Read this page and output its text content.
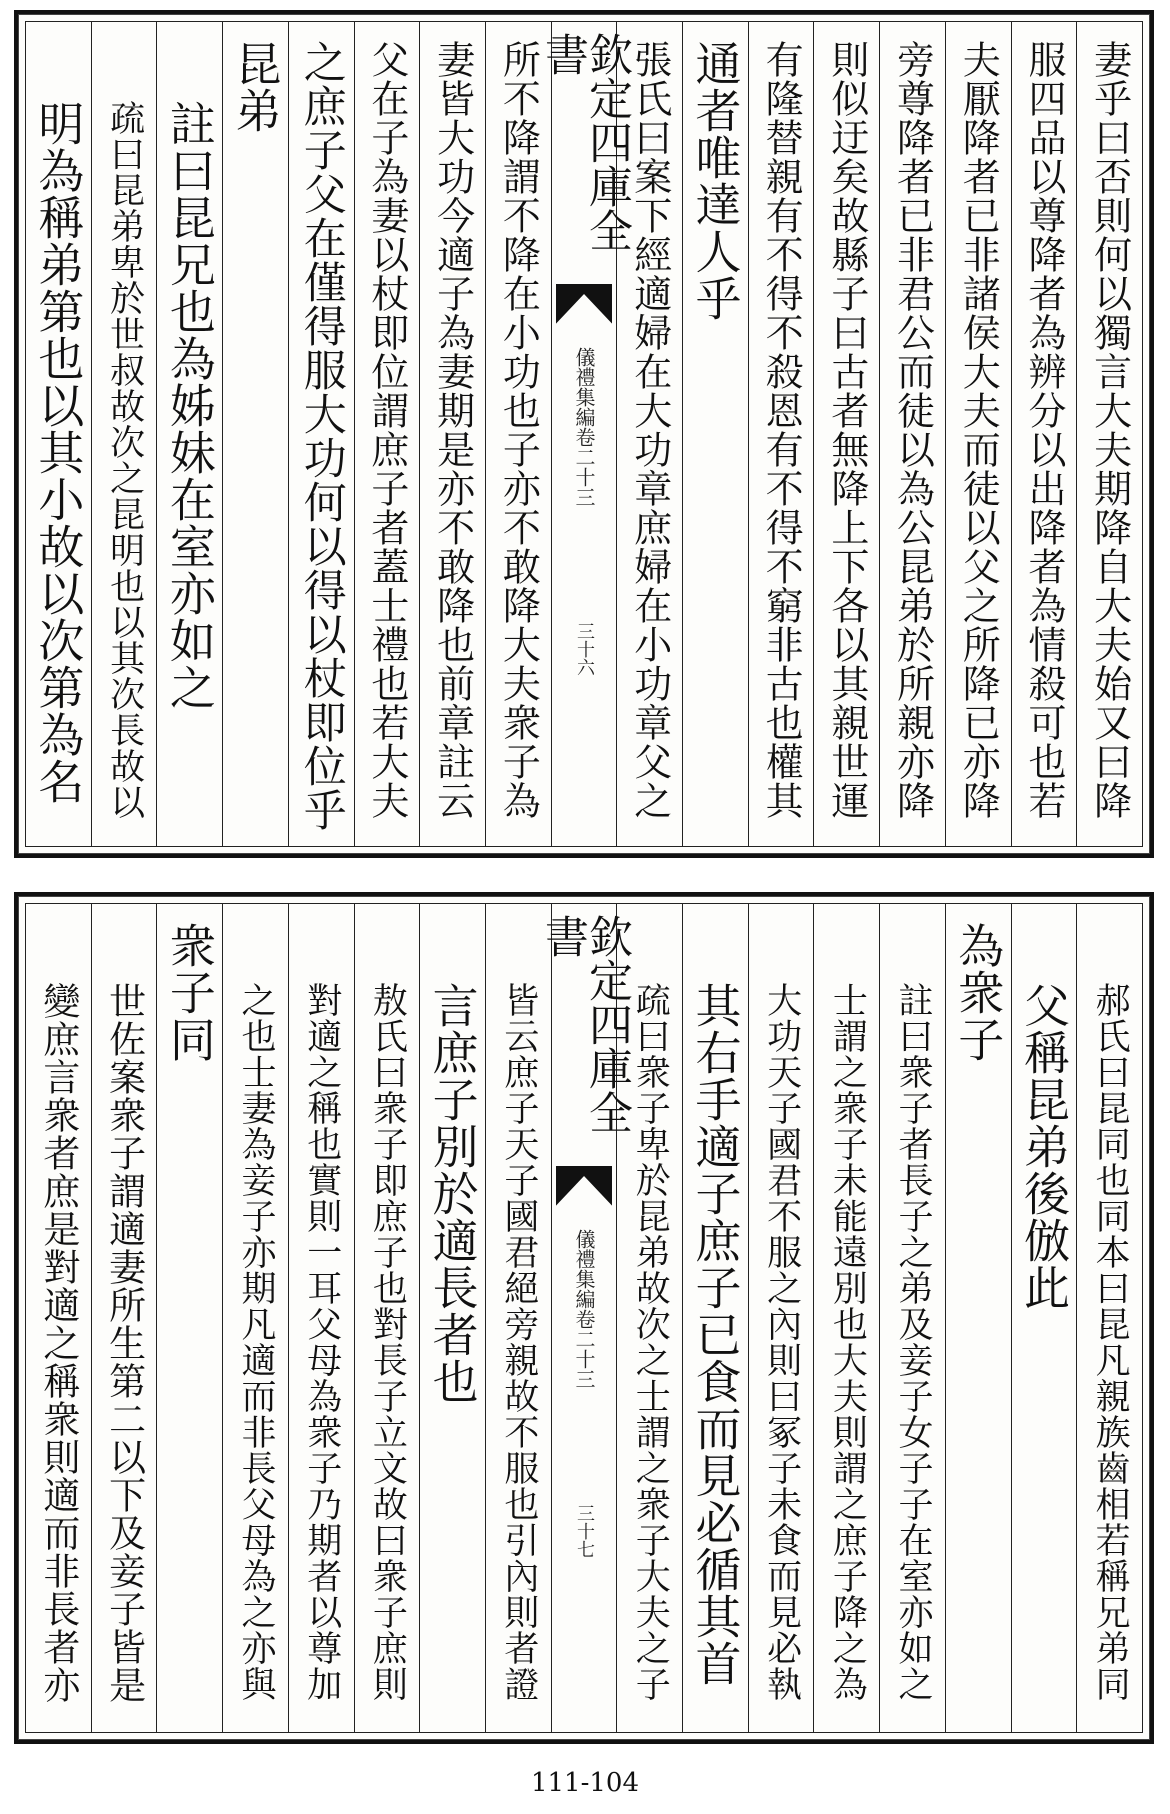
妻乎曰否則何以獨言大夫期降自大夫始又曰降
服四品以尊降者為辨分以出降者為情殺可也若
夫厭降者已非諸侯大夫而徒以父之所降已亦降
旁尊降者已非君公而徒以為公昆弟於所親亦降
則似迂矣故縣子曰古者無降上下各以其親世運
有隆替親有不得不殺恩有不得不窮非古也權其
通者唯達人乎
張氏曰案下經適婦在大功章庶婦在小功章父之
欽定四庫全書
儀禮集編
卷二十三
三十六
所不降謂不降在小功也子亦不敢降大夫衆子為
妻皆大功今適子為妻期是亦不敢降也前章註云
父在子為妻以杖即位謂庶子者蓋士禮也若大夫
之庶子父在僅得服大功何以得以杖即位乎
昆弟
註曰昆兄也為姊妹在室亦如之
疏曰昆弟卑於世叔故次之昆明也以其次長故以
明為稱弟第也以其小故以次第為名
郝氏曰昆同也同本曰昆凡親族齒相若稱兄弟同
父稱昆弟後倣此
為衆子
註曰衆子者長子之弟及妾子女子子在室亦如之
士謂之衆子未能遠別也大夫則謂之庶子降之為
大功天子國君不服之內則曰冢子未食而見必執
其右手適子庶子已食而見必循其首
疏曰衆子卑於昆弟故次之士謂之衆子大夫之子
欽定四庫全書
儀禮集編
卷二十三
三十七
皆云庶子天子國君絕旁親故不服也引內則者證
言庶子別於適長者也
敖氏曰衆子即庶子也對長子立文故曰衆子庶則
對適之稱也實則一耳父母為衆子乃期者以尊加
之也士妻為妾子亦期凡適而非長父母為之亦與
衆子同
世佐案衆子謂適妻所生第二以下及妾子皆是
變庶言衆者庶是對適之稱衆則適而非長者亦
111-104
